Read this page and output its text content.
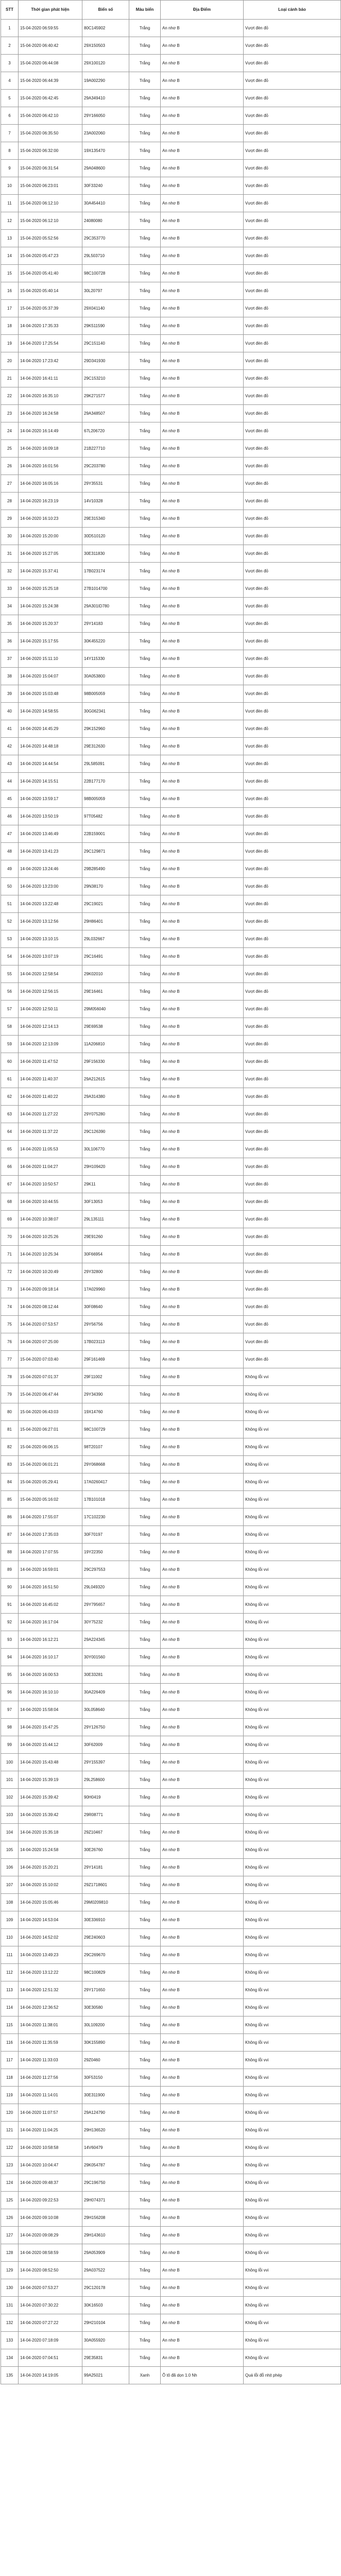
STT	Thời gian phát hiện	Biển số	Màu biển	Địa Điểm	Loại cảnh báo
1	15-04-2020 06:59:55	80C145902	Trắng	An nhơ B	Vượt đèn đỏ
2	15-04-2020 06:40:42	29X150503	Trắng	An nhơ B	Vượt đèn đỏ
3	15-04-2020 06:44:08	29X100120	Trắng	An nhơ B	Vượt đèn đỏ
4	15-04-2020 06:44:39	19A002290	Trắng	An nhơ B	Vượt đèn đỏ
5	15-04-2020 06:42:45	29A349410	Trắng	An nhơ B	Vượt đèn đỏ
6	15-04-2020 06:42:10	29Y166050	Trắng	An nhơ B	Vượt đèn đỏ
7	15-04-2020 06:35:50	23A002060	Trắng	An nhơ B	Vượt đèn đỏ
8	15-04-2020 06:32:00	19X135470	Trắng	An nhơ B	Vượt đèn đỏ
9	15-04-2020 06:31:54	29A048600	Trắng	An nhơ B	Vượt đèn đỏ
10	15-04-2020 06:23:01	30F33240	Trắng	An nhơ B	Vượt đèn đỏ
11	15-04-2020 06:12:10	30A454410	Trắng	An nhơ B	Vượt đèn đỏ
12	15-04-2020 06:12:10	24080080	Trắng	An nhơ B	Vượt đèn đỏ
13	15-04-2020 05:52:56	29C353770	Trắng	An nhơ B	Vượt đèn đỏ
14	15-04-2020 05:47:23	29L503710	Trắng	An nhơ B	Vượt đèn đỏ
15	15-04-2020 05:41:40	98C100728	Trắng	An nhơ B	Vượt đèn đỏ
16	15-04-2020 05:40:14	30L20797	Trắng	An nhơ B	Vượt đèn đỏ
17	15-04-2020 05:37:39	29X041140	Trắng	An nhơ B	Vượt đèn đỏ
18	14-04-2020 17:35:33	29K511590	Trắng	An nhơ B	Vượt đèn đỏ
19	14-04-2020 17:25:54	29C151140	Trắng	An nhơ B	Vượt đèn đỏ
20	14-04-2020 17:23:42	29D341930	Trắng	An nhơ B	Vượt đèn đỏ
21	14-04-2020 16:41:11	29C153210	Trắng	An nhơ B	Vượt đèn đỏ
22	14-04-2020 16:35:10	29K271577	Trắng	An nhơ B	Vượt đèn đỏ
23	14-04-2020 16:24:58	29A348507	Trắng	An nhơ B	Vượt đèn đỏ
24	14-04-2020 16:14:49	67L206720	Trắng	An nhơ B	Vượt đèn đỏ
25	14-04-2020 16:09:18	21B227710	Trắng	An nhơ B	Vượt đèn đỏ
26	14-04-2020 16:01:56	29C203780	Trắng	An nhơ B	Vượt đèn đỏ
27	14-04-2020 16:05:16	29Y35531	Trắng	An nhơ B	Vượt đèn đỏ
28	14-04-2020 16:23:19	14V10328	Trắng	An nhơ B	Vượt đèn đỏ
29	14-04-2020 16:10:23	29E315340	Trắng	An nhơ B	Vượt đèn đỏ
30	14-04-2020 15:20:00	30D510120	Trắng	An nhơ B	Vượt đèn đỏ
31	14-04-2020 15:27:05	30E311830	Trắng	An nhơ B	Vượt đèn đỏ
32	14-04-2020 15:37:41	17B023174	Trắng	An nhơ B	Vượt đèn đỏ
33	14-04-2020 15:25:18	27B1014700	Trắng	An nhơ B	Vượt đèn đỏ
34	14-04-2020 15:24:38	29A301ID780	Trắng	An nhơ B	Vượt đèn đỏ
35	14-04-2020 15:20:37	29Y14183	Trắng	An nhơ B	Vượt đèn đỏ
36	14-04-2020 15:17:55	30K455220	Trắng	An nhơ B	Vượt đèn đỏ
37	14-04-2020 15:11:10	14Y115330	Trắng	An nhơ B	Vượt đèn đỏ
38	14-04-2020 15:04:07	30A053800	Trắng	An nhơ B	Vượt đèn đỏ
39	14-04-2020 15:03:48	98B005059	Trắng	An nhơ B	Vượt đèn đỏ
40	14-04-2020 14:58:55	30G062341	Trắng	An nhơ B	Vượt đèn đỏ
41	14-04-2020 14:45:29	29K152960	Trắng	An nhơ B	Vượt đèn đỏ
42	14-04-2020 14:48:18	29E312630	Trắng	An nhơ B	Vượt đèn đỏ
43	14-04-2020 14:44:54	29L585091	Trắng	An nhơ B	Vượt đèn đỏ
44	14-04-2020 14:15:51	22B177170	Trắng	An nhơ B	Vượt đèn đỏ
45	14-04-2020 13:59:17	98B005059	Trắng	An nhơ B	Vượt đèn đỏ
46	14-04-2020 13:50:19	97T05482	Trắng	An nhơ B	Vượt đèn đỏ
47	14-04-2020 13:46:49	22B159001	Trắng	An nhơ B	Vượt đèn đỏ
48	14-04-2020 13:41:23	29C129871	Trắng	An nhơ B	Vượt đèn đỏ
49	14-04-2020 13:24:46	29B285490	Trắng	An nhơ B	Vượt đèn đỏ
50	14-04-2020 13:23:00	29N38170	Trắng	An nhơ B	Vượt đèn đỏ
51	14-04-2020 13:22:48	29C19021	Trắng	An nhơ B	Vượt đèn đỏ
52	14-04-2020 13:12:56	29H86401	Trắng	An nhơ B	Vượt đèn đỏ
53	14-04-2020 13:10:15	29L032667	Trắng	An nhơ B	Vượt đèn đỏ
54	14-04-2020 13:07:19	29C16491	Trắng	An nhơ B	Vượt đèn đỏ
55	14-04-2020 12:58:54	29K02010	Trắng	An nhơ B	Vượt đèn đỏ
56	14-04-2020 12:56:15	29E16461	Trắng	An nhơ B	Vượt đèn đỏ
57	14-04-2020 12:50:11	29M056040	Trắng	An nhơ B	Vượt đèn đỏ
58	14-04-2020 12:14:13	29E69538	Trắng	An nhơ B	Vượt đèn đỏ
59	14-04-2020 12:13:09	11A206810	Trắng	An nhơ B	Vượt đèn đỏ
60	14-04-2020 11:47:52	29F156330	Trắng	An nhơ B	Vượt đèn đỏ
61	14-04-2020 11:40:37	29A212615	Trắng	An nhơ B	Vượt đèn đỏ
62	14-04-2020 11:40:22	29A314380	Trắng	An nhơ B	Vượt đèn đỏ
63	14-04-2020 11:27:22	29Y075280	Trắng	An nhơ B	Vượt đèn đỏ
64	14-04-2020 11:37:22	29C126390	Trắng	An nhơ B	Vượt đèn đỏ
65	14-04-2020 11:05:53	30L106770	Trắng	An nhơ B	Vượt đèn đỏ
66	14-04-2020 11:04:27	29H109420	Trắng	An nhơ B	Vượt đèn đỏ
67	14-04-2020 10:50:57	29K11	Trắng	An nhơ B	Vượt đèn đỏ
68	14-04-2020 10:44:55	30F13053	Trắng	An nhơ B	Vượt đèn đỏ
69	14-04-2020 10:38:07	29L135111	Trắng	An nhơ B	Vượt đèn đỏ
70	14-04-2020 10:25:26	29E91260	Trắng	An nhơ B	Vượt đèn đỏ
71	14-04-2020 10:25:34	30F66954	Trắng	An nhơ B	Vượt đèn đỏ
72	14-04-2020 10:20:49	29Y32800	Trắng	An nhơ B	Vượt đèn đỏ
73	14-04-2020 09:18:14	17A029960	Trắng	An nhơ B	Vượt đèn đỏ
74	14-04-2020 08:12:44	30F08640	Trắng	An nhơ B	Vượt đèn đỏ
75	14-04-2020 07:53:57	29Y56756	Trắng	An nhơ B	Vượt đèn đỏ
76	14-04-2020 07:25:00	17B023113	Trắng	An nhơ B	Vượt đèn đỏ
77	15-04-2020 07:03:40	29F161469	Trắng	An nhơ B	Vượt đèn đỏ
78	15-04-2020 07:01:37	29F11002	Trắng	An nhơ B	Không lỗi vvi
79	15-04-2020 06:47:44	29Y34390	Trắng	An nhơ B	Không lỗi vvi
80	15-04-2020 06:43:03	19X14760	Trắng	An nhơ B	Không lỗi vvi
81	15-04-2020 06:27:01	98C100729	Trắng	An nhơ B	Không lỗi vvi
82	15-04-2020 06:06:15	98T20107	Trắng	An nhơ B	Không lỗi vvi
83	15-04-2020 06:01:21	29Y068668	Trắng	An nhơ B	Không lỗi vvi
84	15-04-2020 05:29:41	17A0260417	Trắng	An nhơ B	Không lỗi vvi
85	15-04-2020 05:16:02	17B101018	Trắng	An nhơ B	Không lỗi vvi
86	14-04-2020 17:55:07	17C102230	Trắng	An nhơ B	Không lỗi vvi
87	14-04-2020 17:35:03	30F70197	Trắng	An nhơ B	Không lỗi vvi
88	14-04-2020 17:07:55	19Y22350	Trắng	An nhơ B	Không lỗi vvi
89	14-04-2020 16:59:01	29C297553	Trắng	An nhơ B	Không lỗi vvi
90	14-04-2020 16:51:50	29L049320	Trắng	An nhơ B	Không lỗi vvi
91	14-04-2020 16:45:02	29Y795657	Trắng	An nhơ B	Không lỗi vvi
92	14-04-2020 16:17:04	30Y75232	Trắng	An nhơ B	Không lỗi vvi
93	14-04-2020 16:12:21	29A224345	Trắng	An nhơ B	Không lỗi vvi
94	14-04-2020 16:10:17	30Y001560	Trắng	An nhơ B	Không lỗi vvi
95	14-04-2020 16:00:53	30E33281	Trắng	An nhơ B	Không lỗi vvi
96	14-04-2020 16:10:10	30A226409	Trắng	An nhơ B	Không lỗi vvi
97	14-04-2020 15:58:04	30L058640	Trắng	An nhơ B	Không lỗi vvi
98	14-04-2020 15:47:25	29Y126750	Trắng	An nhơ B	Không lỗi vvi
99	14-04-2020 15:44:12	30F62009	Trắng	An nhơ B	Không lỗi vvi
100	14-04-2020 15:43:48	29Y155397	Trắng	An nhơ B	Không lỗi vvi
101	14-04-2020 15:39:19	29L258600	Trắng	An nhơ B	Không lỗi vvi
102	14-04-2020 15:39:42	90H0419	Trắng	An nhơ B	Không lỗi vvi
103	14-04-2020 15:39:42	29R08771	Trắng	An nhơ B	Không lỗi vvi
104	14-04-2020 15:35:18	29Z10467	Trắng	An nhơ B	Không lỗi vvi
105	14-04-2020 15:24:58	30E26760	Trắng	An nhơ B	Không lỗi vvi
106	14-04-2020 15:20:21	29Y14181	Trắng	An nhơ B	Không lỗi vvi
107	14-04-2020 15:10:02	29Z1718601	Trắng	An nhơ B	Không lỗi vvi
108	14-04-2020 15:05:46	29M0209810	Trắng	An nhơ B	Không lỗi vvi
109	14-04-2020 14:53:04	30E336910	Trắng	An nhơ B	Không lỗi vvi
110	14-04-2020 14:52:02	29E240603	Trắng	An nhơ B	Không lỗi vvi
111	14-04-2020 13:49:23	29C269670	Trắng	An nhơ B	Không lỗi vvi
112	14-04-2020 13:12:22	98C100829	Trắng	An nhơ B	Không lỗi vvi
113	14-04-2020 12:51:32	29Y171650	Trắng	An nhơ B	Không lỗi vvi
114	14-04-2020 12:36:52	30E30580	Trắng	An nhơ B	Không lỗi vvi
115	14-04-2020 11:38:01	30L109200	Trắng	An nhơ B	Không lỗi vvi
116	14-04-2020 11:35:59	30K155890	Trắng	An nhơ B	Không lỗi vvi
117	14-04-2020 11:33:03	29Z0460	Trắng	An nhơ B	Không lỗi vvi
118	14-04-2020 11:27:56	30F53150	Trắng	An nhơ B	Không lỗi vvi
119	14-04-2020 11:14:01	30E311900	Trắng	An nhơ B	Không lỗi vvi
120	14-04-2020 11:07:57	29A124790	Trắng	An nhơ B	Không lỗi vvi
121	14-04-2020 11:04:25	29H136520	Trắng	An nhơ B	Không lỗi vvi
122	14-04-2020 10:58:58	14V60479	Trắng	An nhơ B	Không lỗi vvi
123	14-04-2020 10:04:47	29K054787	Trắng	An nhơ B	Không lỗi vvi
124	14-04-2020 09:48:37	29C196750	Trắng	An nhơ B	Không lỗi vvi
125	14-04-2020 09:22:53	29H074371	Trắng	An nhơ B	Không lỗi vvi
126	14-04-2020 09:10:08	29H156208	Trắng	An nhơ B	Không lỗi vvi
127	14-04-2020 09:08:29	29H143610	Trắng	An nhơ B	Không lỗi vvi
128	14-04-2020 08:58:59	29A053909	Trắng	An nhơ B	Không lỗi vvi
129	14-04-2020 08:52:50	29A037522	Trắng	An nhơ B	Không lỗi vvi
130	14-04-2020 07:53:27	29C120178	Trắng	An nhơ B	Không lỗi vvi
131	14-04-2020 07:30:22	30K16503	Trắng	An nhơ B	Không lỗi vvi
132	14-04-2020 07:27:22	29H210104	Trắng	An nhơ B	Không lỗi vvi
133	14-04-2020 07:18:09	30A055920	Trắng	An nhơ B	Không lỗi vvi
134	14-04-2020 07:04:51	29E35831	Trắng	An nhơ B	Không lỗi vvi
135	14-04-2020 14:19:05	99A25021	Xanh	Ô tô đã dọn 1.0 Nh	Quá lỗi đỗ nhịt phép
